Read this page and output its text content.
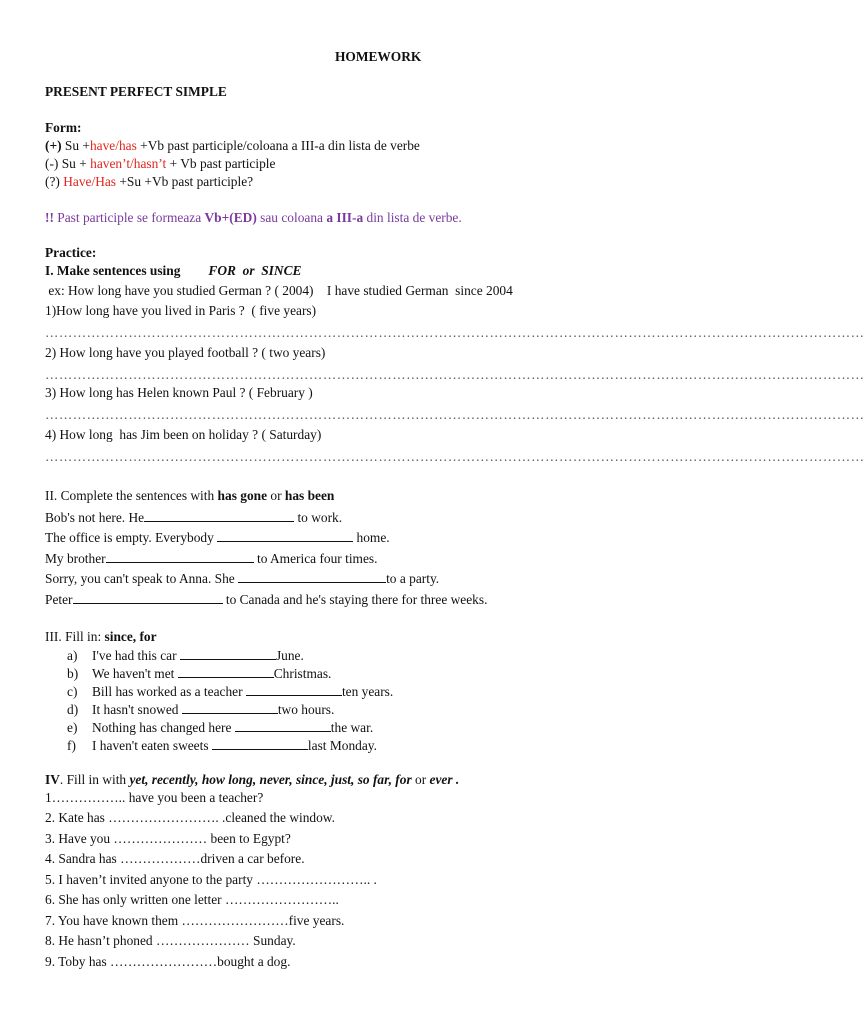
HOMEWORK
PRESENT PERFECT SIMPLE
Form:
(+) Su +have/has +Vb past participle/coloana a III-a din lista de verbe
(-) Su + haven’t/hasn’t + Vb past participle
(?) Have/Has +Su +Vb past participle?
!! Past participle se formeaza Vb+(ED) sau coloana a III-a din lista de verbe.
Practice:
I. Make sentences using FOR  or  SINCE
ex: How long have you studied German ? ( 2004)    I have studied German  since 2004
1)How long have you lived in Paris ?  ( five years)
……………………………………………………………………………………………………………………………………………………………
2) How long have you played football ? ( two years)
……………………………………………………………………………………………………………………………………………………………
3) How long has Helen known Paul ? ( February )
……………………………………………………………………………………………………………………………………………………………
4) How long  has Jim been on holiday ? ( Saturday)
……………………………………………………………………………………………………………………………………………………………
II. Complete the sentences with has gone or has been
Bob's not here. He	to work.
The office is empty. Everybody	home.
My brother	to America four times.
Sorry, you can't speak to Anna. She	to a party.
Peter	to Canada and he's staying there for three weeks.
III. Fill in: since, for
a) I've had this car	June.
b) We haven't met	Christmas.
c) Bill has worked as a teacher	ten years.
d) It hasn't snowed	two hours.
e) Nothing has changed here	the war.
f) I haven't eaten sweets	last Monday.
IV. Fill in with yet, recently, how long, never, since, just, so far, for or ever .
1…………….. have you been a teacher?
2. Kate has ……………………. .cleaned the window.
3. Have you ………………… been to Egypt?
4. Sandra has ………………driven a car before.
5. I haven’t invited anyone to the party …………………….. .
6. She has only written one letter ……………………..
7. You have known them ……………………five years.
8. He hasn’t phoned ………………… Sunday.
9. Toby has ……………………bought a dog.
